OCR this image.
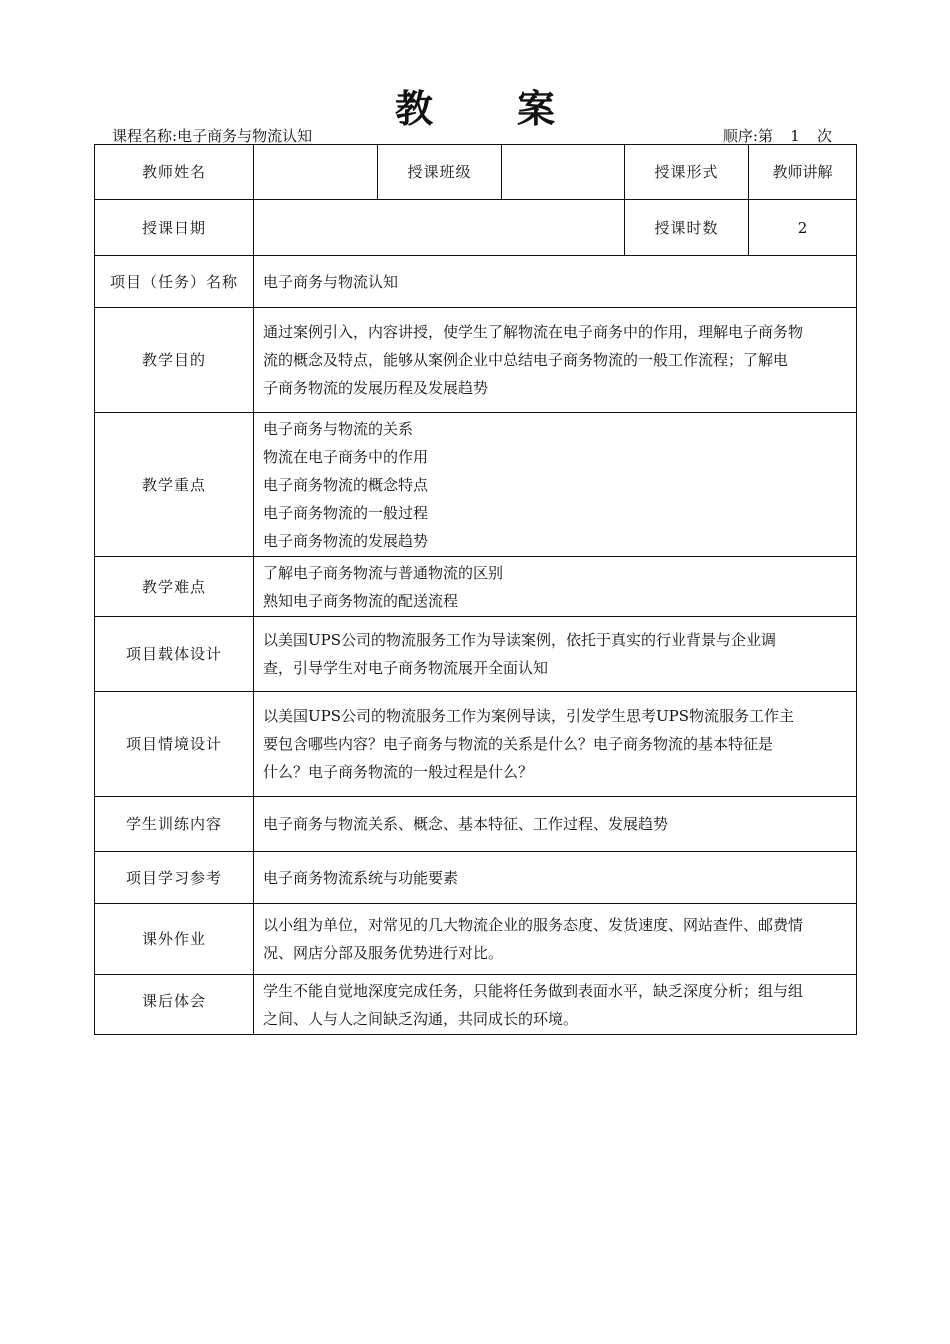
教 案
课程名称:电子商务与物流认知	顺序:第 1 次
教师姓名		授课班级		授课形式	教师讲解
授课日期				授课时数	2
项目（任务）名称	电子商务与物流认知				
教学目的	通过案例引入，内容讲授，使学生了解物流在电子商务中的作用，理解电子商务物
流的概念及特点，能够从案例企业中总结电子商务物流的一般工作流程；了解电
子商务物流的发展历程及发展趋势				

教学重点	电子商务与物流的关系
物流在电子商务中的作用
电子商务物流的概念特点
电子商务物流的一般过程
电子商务物流的发展趋势				

教学难点	了解电子商务物流与普通物流的区别
熟知电子商务物流的配送流程				

项目载体设计	以美国UPS公司的物流服务工作为导读案例，依托于真实的行业背景与企业调
查，引导学生对电子商务物流展开全面认知				

项目情境设计	以美国UPS公司的物流服务工作为案例导读，引发学生思考UPS物流服务工作主
要包含哪些内容？电子商务与物流的关系是什么？电子商务物流的基本特征是
什么？电子商务物流的一般过程是什么？				

学生训练内容	电子商务与物流关系、概念、基本特征、工作过程、发展趋势				
项目学习参考	电子商务物流系统与功能要素				
课外作业	以小组为单位，对常见的几大物流企业的服务态度、发货速度、网站查件、邮费情
况、网店分部及服务优势进行对比。				

课后体会	学生不能自觉地深度完成任务，只能将任务做到表面水平，缺乏深度分析；组与组
之间、人与人之间缺乏沟通，共同成长的环境。				
